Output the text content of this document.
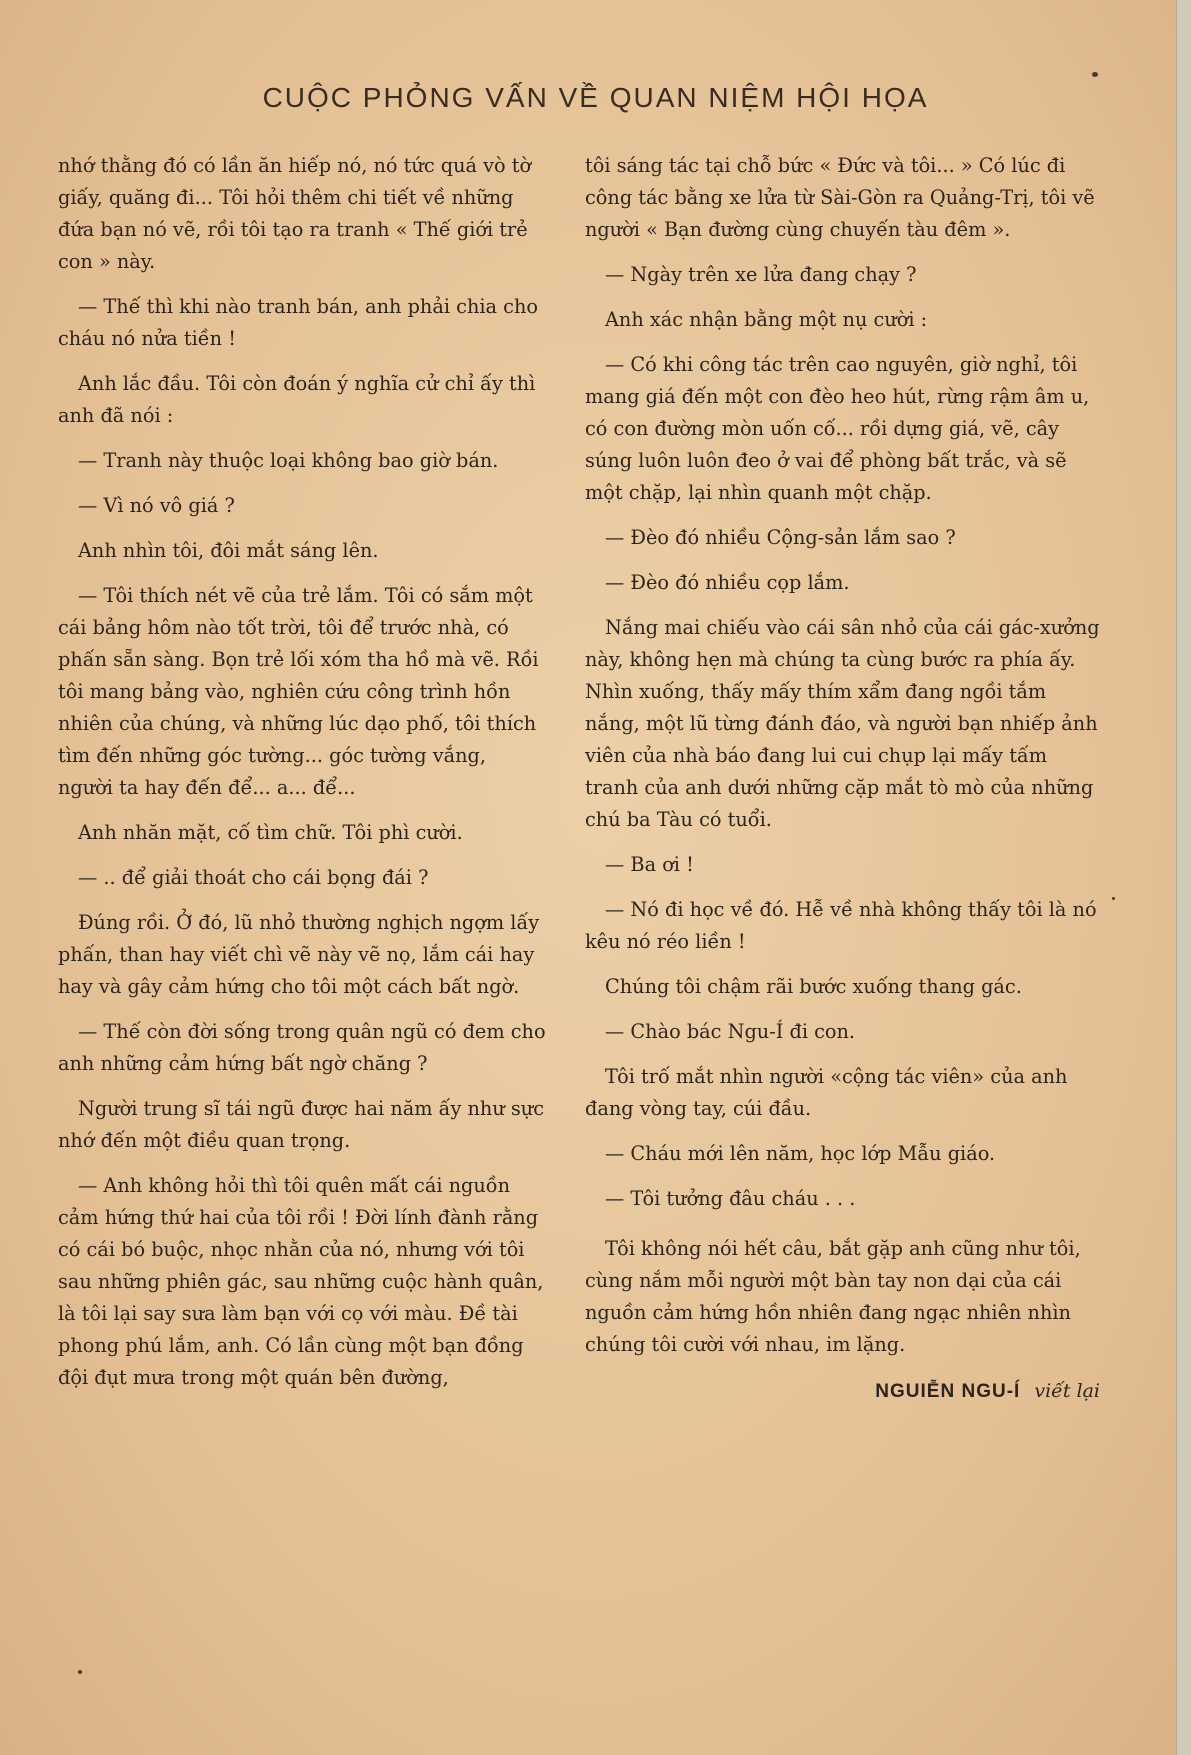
CUỘC PHỎNG VẤN VỀ QUAN NIỆM HỘI HỌA

nhớ thằng đó có lần ăn hiếp nó, nó tức quá vò tờ giấy, quăng đi... Tôi hỏi thêm chi tiết về những đứa bạn nó vẽ, rồi tôi tạo ra tranh « Thế giới trẻ con » này.

— Thế thì khi nào tranh bán, anh phải chia cho cháu nó nửa tiền !

Anh lắc đầu. Tôi còn đoán ý nghĩa cử chỉ ấy thì anh đã nói :

— Tranh này thuộc loại không bao giờ bán.

— Vì nó vô giá ?

Anh nhìn tôi, đôi mắt sáng lên.

— Tôi thích nét vẽ của trẻ lắm. Tôi có sắm một cái bảng hôm nào tốt trời, tôi để trước nhà, có phấn sẵn sàng. Bọn trẻ lối xóm tha hồ mà vẽ. Rồi tôi mang bảng vào, nghiên cứu công trình hồn nhiên của chúng, và những lúc dạo phố, tôi thích tìm đến những góc tường... góc tường vắng, người ta hay đến để... a... để...

Anh nhăn mặt, cố tìm chữ. Tôi phì cười.

— .. để giải thoát cho cái bọng đái ?

Đúng rồi. Ở đó, lũ nhỏ thường nghịch ngợm lấy phấn, than hay viết chì vẽ này vẽ nọ, lắm cái hay hay và gây cảm hứng cho tôi một cách bất ngờ.

— Thế còn đời sống trong quân ngũ có đem cho anh những cảm hứng bất ngờ chăng ?

Người trung sĩ tái ngũ được hai năm ấy như sực nhớ đến một điều quan trọng.

— Anh không hỏi thì tôi quên mất cái nguồn cảm hứng thứ hai của tôi rồi ! Đời lính đành rằng có cái bó buộc, nhọc nhằn của nó, nhưng với tôi sau những phiên gác, sau những cuộc hành quân, là tôi lại say sưa làm bạn với cọ với màu. Đề tài phong phú lắm, anh. Có lần cùng một bạn đồng đội đụt mưa trong một quán bên đường,

tôi sáng tác tại chỗ bức « Đức và tôi... » Có lúc đi công tác bằng xe lửa từ Sài-Gòn ra Quảng-Trị, tôi vẽ người « Bạn đường cùng chuyến tàu đêm ».

— Ngày trên xe lửa đang chạy ?

Anh xác nhận bằng một nụ cười :

— Có khi công tác trên cao nguyên, giờ nghỉ, tôi mang giá đến một con đèo heo hút, rừng rậm âm u, có con đường mòn uốn cố... rồi dựng giá, vẽ, cây súng luôn luôn đeo ở vai để phòng bất trắc, và sẽ một chặp, lại nhìn quanh một chặp.

— Đèo đó nhiều Cộng-sản lắm sao ?

— Đèo đó nhiều cọp lắm.

Nắng mai chiếu vào cái sân nhỏ của cái gác-xưởng này, không hẹn mà chúng ta cùng bước ra phía ấy. Nhìn xuống, thấy mấy thím xẩm đang ngồi tắm nắng, một lũ từng đánh đáo, và người bạn nhiếp ảnh viên của nhà báo đang lui cui chụp lại mấy tấm tranh của anh dưới những cặp mắt tò mò của những chú ba Tàu có tuổi.

— Ba ơi !

— Nó đi học về đó. Hễ về nhà không thấy tôi là nó kêu nó réo liền !

Chúng tôi chậm rãi bước xuống thang gác.

— Chào bác Ngu-Í đi con.

Tôi trố mắt nhìn người «cộng tác viên» của anh đang vòng tay, cúi đầu.

— Cháu mới lên năm, học lớp Mẫu giáo.

— Tôi tưởng đâu cháu . . .

Tôi không nói hết câu, bắt gặp anh cũng như tôi, cùng nắm mỗi người một bàn tay non dại của cái nguồn cảm hứng hồn nhiên đang ngạc nhiên nhìn chúng tôi cười với nhau, im lặng.

NGUIỄN NGU-Í viết lại
